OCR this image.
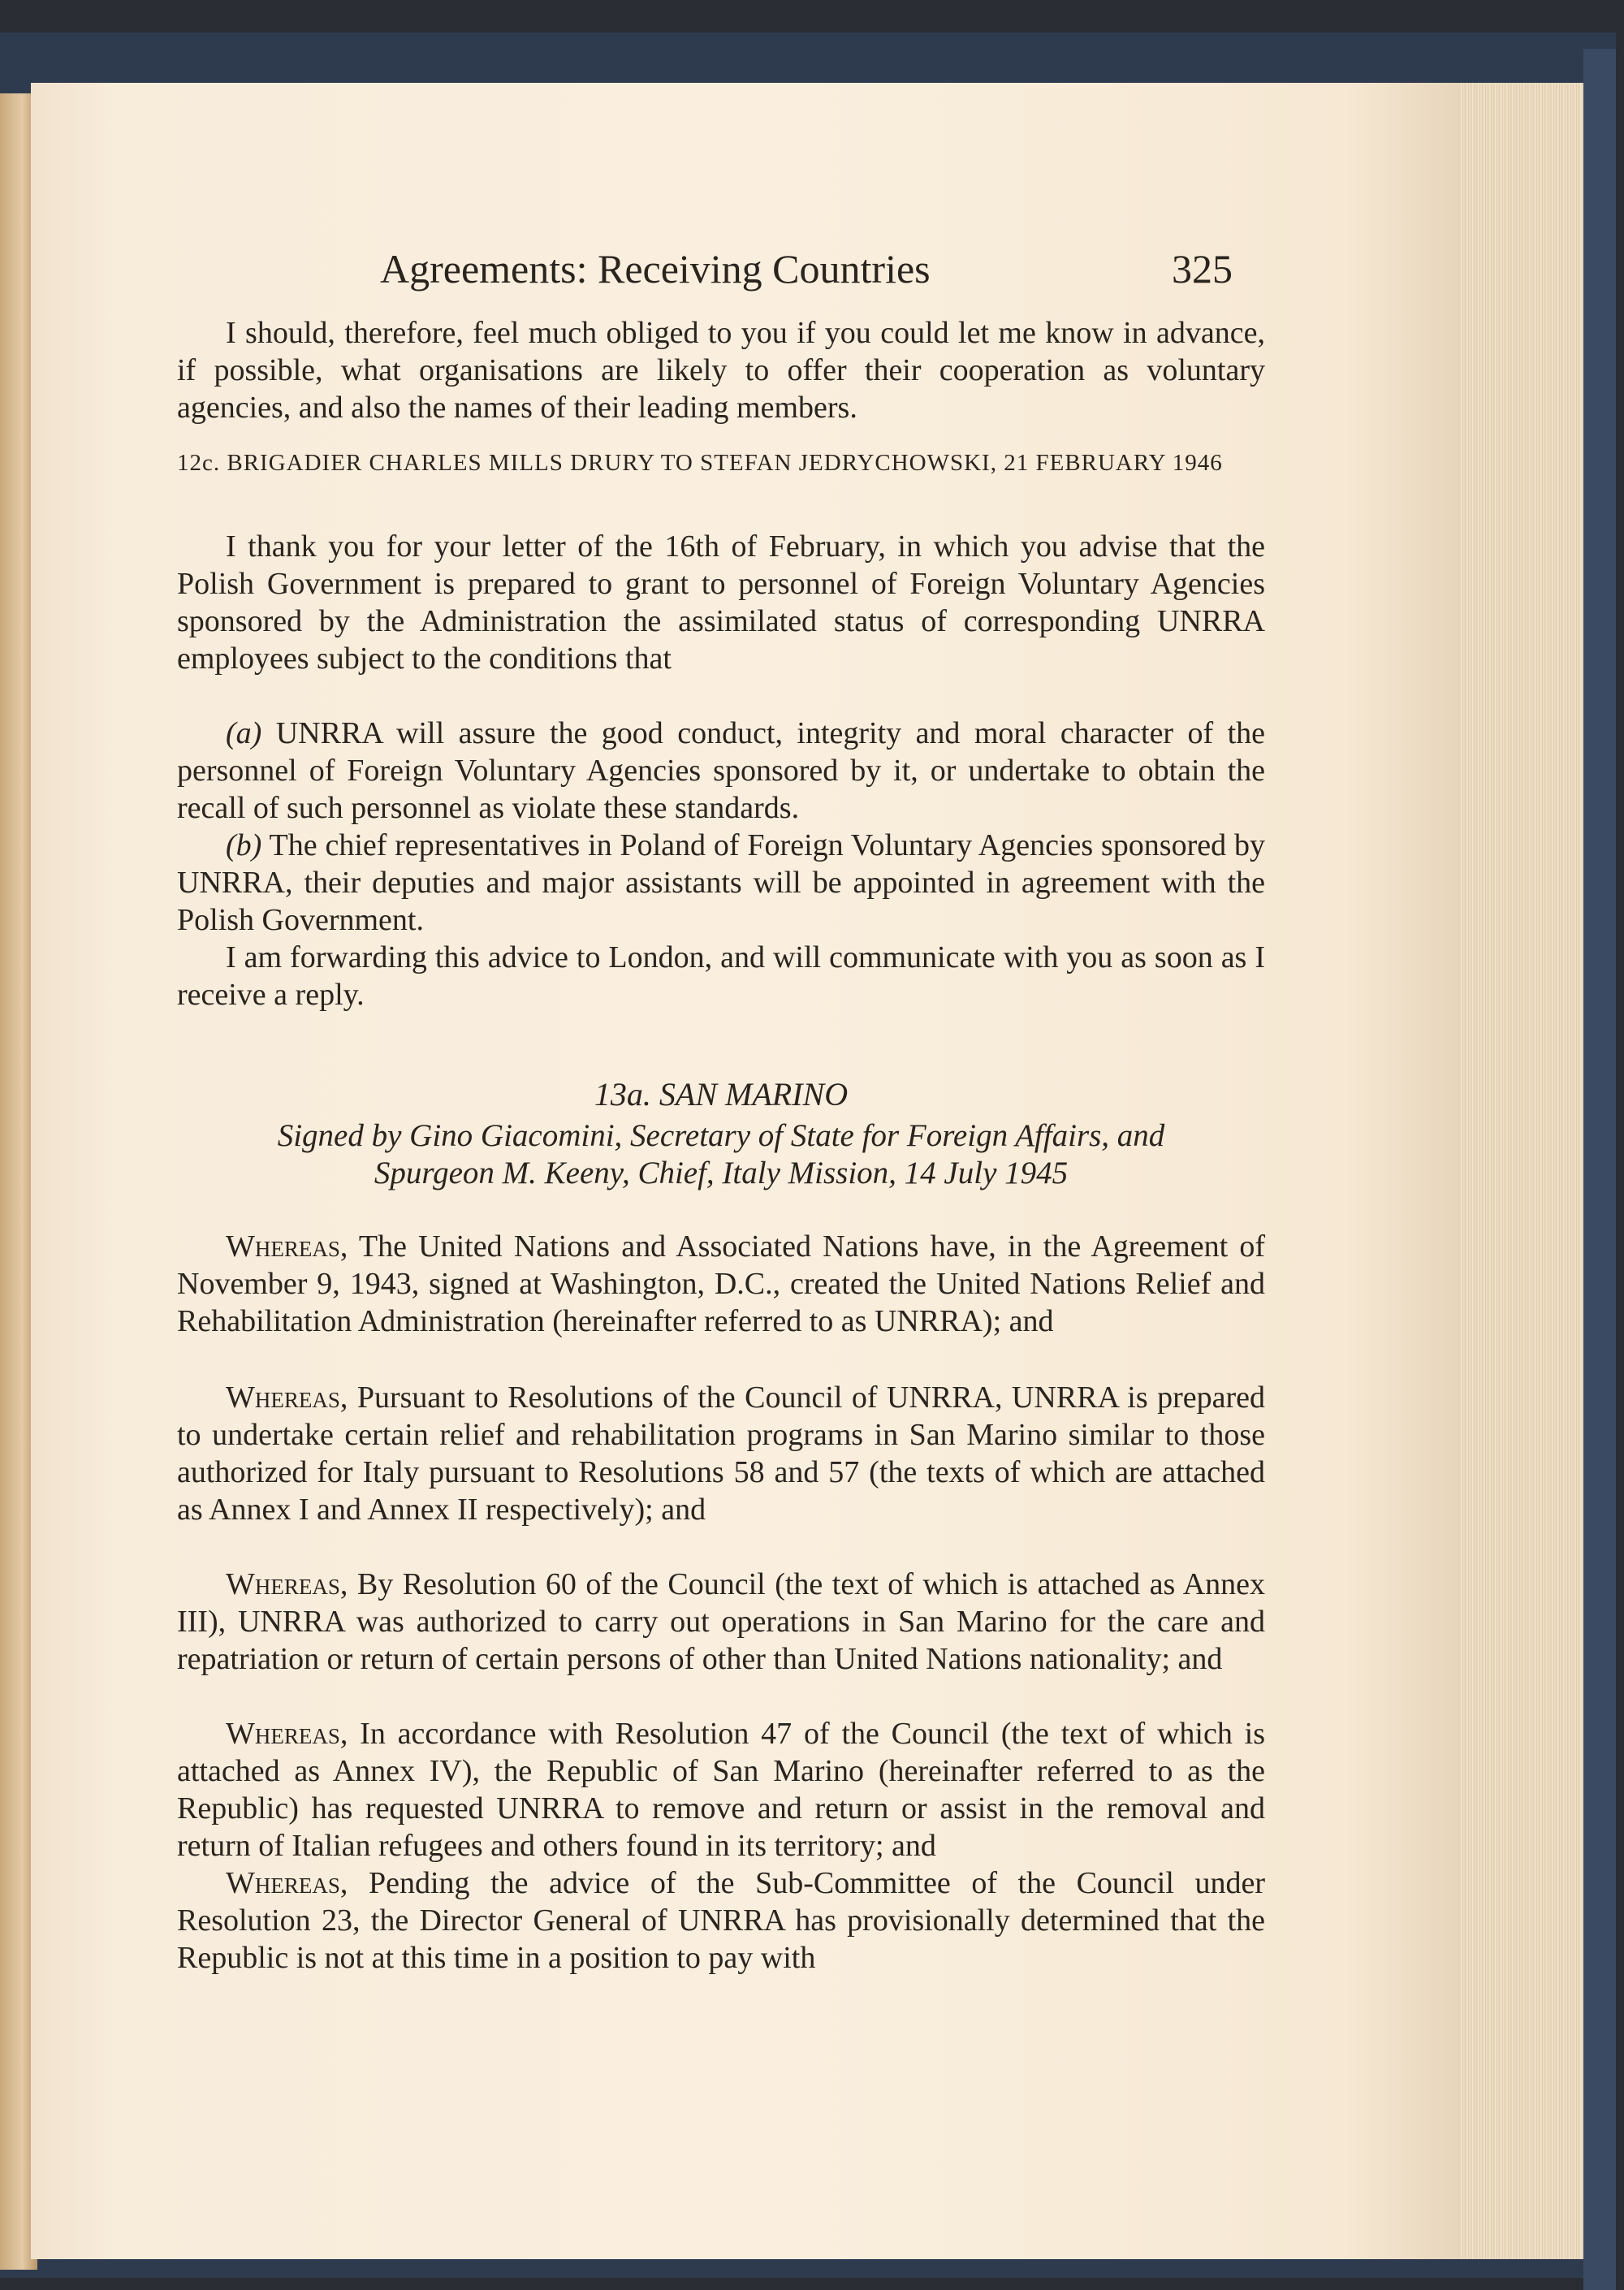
Agreements: Receiving Countries	325

I should, therefore, feel much obliged to you if you could let me know in advance, if possible, what organisations are likely to offer their cooperation as voluntary agencies, and also the names of their leading members.

12c. BRIGADIER CHARLES MILLS DRURY TO STEFAN JEDRYCHOWSKI, 21 FEBRUARY 1946

I thank you for your letter of the 16th of February, in which you advise that the Polish Government is prepared to grant to personnel of Foreign Voluntary Agencies sponsored by the Administration the assimilated status of corresponding UNRRA employees subject to the conditions that

(a) UNRRA will assure the good conduct, integrity and moral character of the personnel of Foreign Voluntary Agencies sponsored by it, or undertake to obtain the recall of such personnel as violate these standards.

(b) The chief representatives in Poland of Foreign Voluntary Agencies sponsored by UNRRA, their deputies and major assistants will be appointed in agreement with the Polish Government.

I am forwarding this advice to London, and will communicate with you as soon as I receive a reply.

13a. SAN MARINO

Signed by Gino Giacomini, Secretary of State for Foreign Affairs, and

Spurgeon M. Keeny, Chief, Italy Mission, 14 July 1945

Whereas, The United Nations and Associated Nations have, in the Agreement of November 9, 1943, signed at Washington, D.C., created the United Nations Relief and Rehabilitation Administration (hereinafter referred to as UNRRA); and

Whereas, Pursuant to Resolutions of the Council of UNRRA, UNRRA is prepared to undertake certain relief and rehabilitation programs in San Marino similar to those authorized for Italy pursuant to Resolutions 58 and 57 (the texts of which are attached as Annex I and Annex II respectively); and

Whereas, By Resolution 60 of the Council (the text of which is attached as Annex III), UNRRA was authorized to carry out operations in San Marino for the care and repatriation or return of certain persons of other than United Nations nationality; and

Whereas, In accordance with Resolution 47 of the Council (the text of which is attached as Annex IV), the Republic of San Marino (hereinafter referred to as the Republic) has requested UNRRA to remove and return or assist in the removal and return of Italian refugees and others found in its territory; and

Whereas, Pending the advice of the Sub-Committee of the Council under Resolution 23, the Director General of UNRRA has provisionally determined that the Republic is not at this time in a position to pay with
